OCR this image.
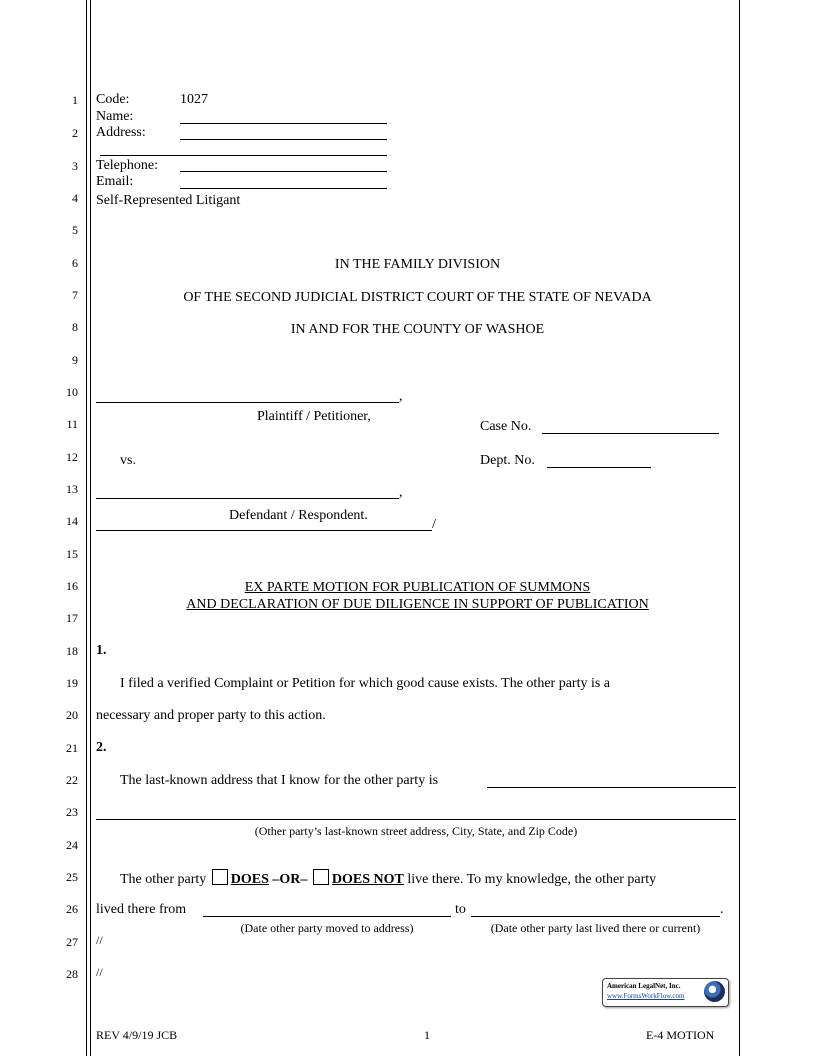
1
2
3
4
5
6
7
8
9
10
11
12
13
14
15
16
17
18
19
20
21
22
23
24
25
26
27
28
Code:	1027
Name:
Address:
Telephone:
Email:
Self-Represented Litigant
IN THE FAMILY DIVISION
OF THE SECOND JUDICIAL DISTRICT COURT OF THE STATE OF NEVADA
IN AND FOR THE COUNTY OF WASHOE
,
Plaintiff / Petitioner,
vs.
,
Defendant / Respondent.
/
Case No.
Dept. No.
EX PARTE MOTION FOR PUBLICATION OF SUMMONS
AND DECLARATION OF DUE DILIGENCE IN SUPPORT OF PUBLICATION
1.
I filed a verified Complaint or Petition for which good cause exists. The other party is a
necessary and proper party to this action.
2.
The last-known address that I know for the other party is
(Other party’s last-known street address, City, State, and Zip Code)
The other party DOES –OR– DOES NOT live there. To my knowledge, the other party
lived there from	to	.
(Date other party moved to address)	(Date other party last lived there or current)
//
//
American LegalNet, Inc.
www.FormsWorkFlow.com
REV 4/9/19 JCB	1	E-4 MOTION
